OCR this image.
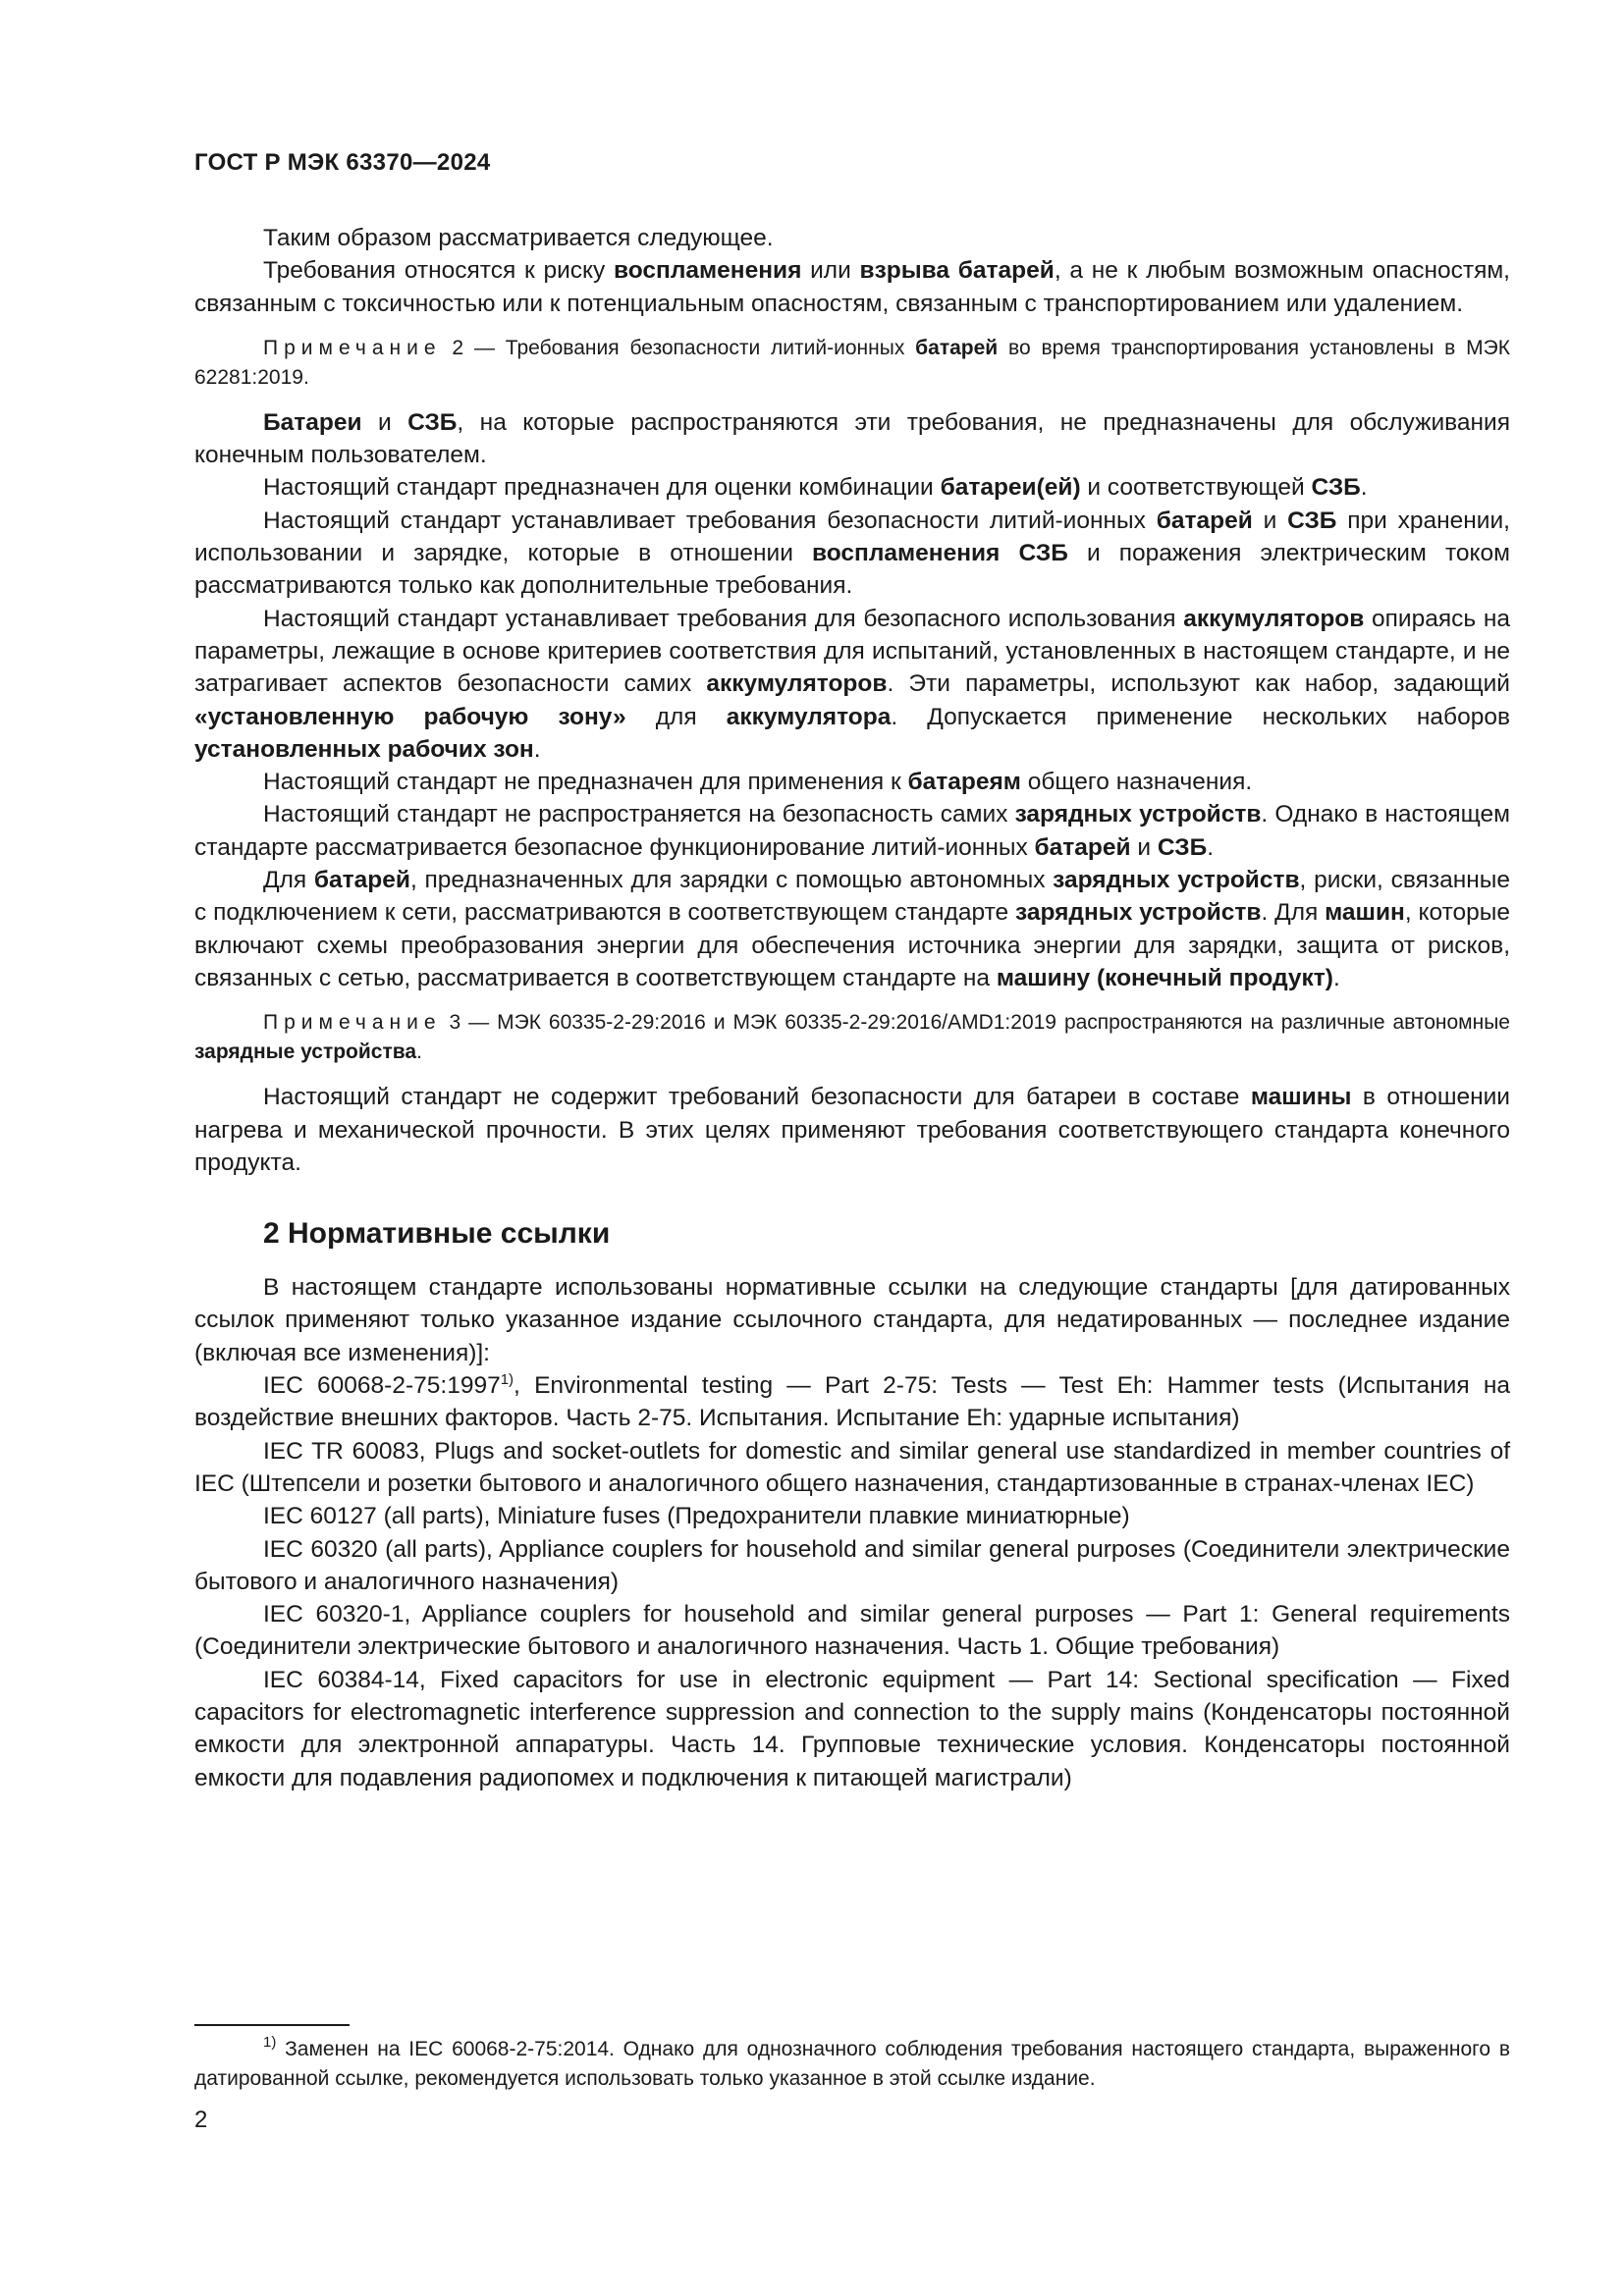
ГОСТ Р МЭК 63370—2024

Таким образом рассматривается следующее.

Требования относятся к риску воспламенения или взрыва батарей, а не к любым возможным опасностям, связанным с токсичностью или к потенциальным опасностям, связанным с транспортированием или удалением.

Примечание 2 — Требования безопасности литий-ионных батарей во время транспортирования установлены в МЭК 62281:2019.

Батареи и СЗБ, на которые распространяются эти требования, не предназначены для обслуживания конечным пользователем.

Настоящий стандарт предназначен для оценки комбинации батареи(ей) и соответствующей СЗБ.

Настоящий стандарт устанавливает требования безопасности литий-ионных батарей и СЗБ при хранении, использовании и зарядке, которые в отношении воспламенения СЗБ и поражения электрическим током рассматриваются только как дополнительные требования.

Настоящий стандарт устанавливает требования для безопасного использования аккумуляторов опираясь на параметры, лежащие в основе критериев соответствия для испытаний, установленных в настоящем стандарте, и не затрагивает аспектов безопасности самих аккумуляторов. Эти параметры, используют как набор, задающий «установленную рабочую зону» для аккумулятора. Допускается применение нескольких наборов установленных рабочих зон.

Настоящий стандарт не предназначен для применения к батареям общего назначения.

Настоящий стандарт не распространяется на безопасность самих зарядных устройств. Однако в настоящем стандарте рассматривается безопасное функционирование литий-ионных батарей и СЗБ.

Для батарей, предназначенных для зарядки с помощью автономных зарядных устройств, риски, связанные с подключением к сети, рассматриваются в соответствующем стандарте зарядных устройств. Для машин, которые включают схемы преобразования энергии для обеспечения источника энергии для зарядки, защита от рисков, связанных с сетью, рассматривается в соответствующем стандарте на машину (конечный продукт).

Примечание 3 — МЭК 60335-2-29:2016 и МЭК 60335-2-29:2016/AMD1:2019 распространяются на различные автономные зарядные устройства.

Настоящий стандарт не содержит требований безопасности для батареи в составе машины в отношении нагрева и механической прочности. В этих целях применяют требования соответствующего стандарта конечного продукта.

2 Нормативные ссылки

В настоящем стандарте использованы нормативные ссылки на следующие стандарты [для датированных ссылок применяют только указанное издание ссылочного стандарта, для недатированных — последнее издание (включая все изменения)]:

IEC 60068-2-75:1997$^{1)}$, Environmental testing — Part 2-75: Tests — Test Eh: Hammer tests (Испытания на воздействие внешних факторов. Часть 2-75. Испытания. Испытание Eh: ударные испытания)

IEC TR 60083, Plugs and socket-outlets for domestic and similar general use standardized in member countries of IEC (Штепсели и розетки бытового и аналогичного общего назначения, стандартизованные в странах-членах IEC)

IEC 60127 (all parts), Miniature fuses (Предохранители плавкие миниатюрные)

IEC 60320 (all parts), Appliance couplers for household and similar general purposes (Соединители электрические бытового и аналогичного назначения)

IEC 60320-1, Appliance couplers for household and similar general purposes — Part 1: General requirements (Соединители электрические бытового и аналогичного назначения. Часть 1. Общие требования)

IEC 60384-14, Fixed capacitors for use in electronic equipment — Part 14: Sectional specification — Fixed capacitors for electromagnetic interference suppression and connection to the supply mains (Конденсаторы постоянной емкости для электронной аппаратуры. Часть 14. Групповые технические условия. Конденсаторы постоянной емкости для подавления радиопомех и подключения к питающей магистрали)

$^{1)}$ Заменен на IEC 60068-2-75:2014. Однако для однозначного соблюдения требования настоящего стандарта, выраженного в датированной ссылке, рекомендуется использовать только указанное в этой ссылке издание.
2
